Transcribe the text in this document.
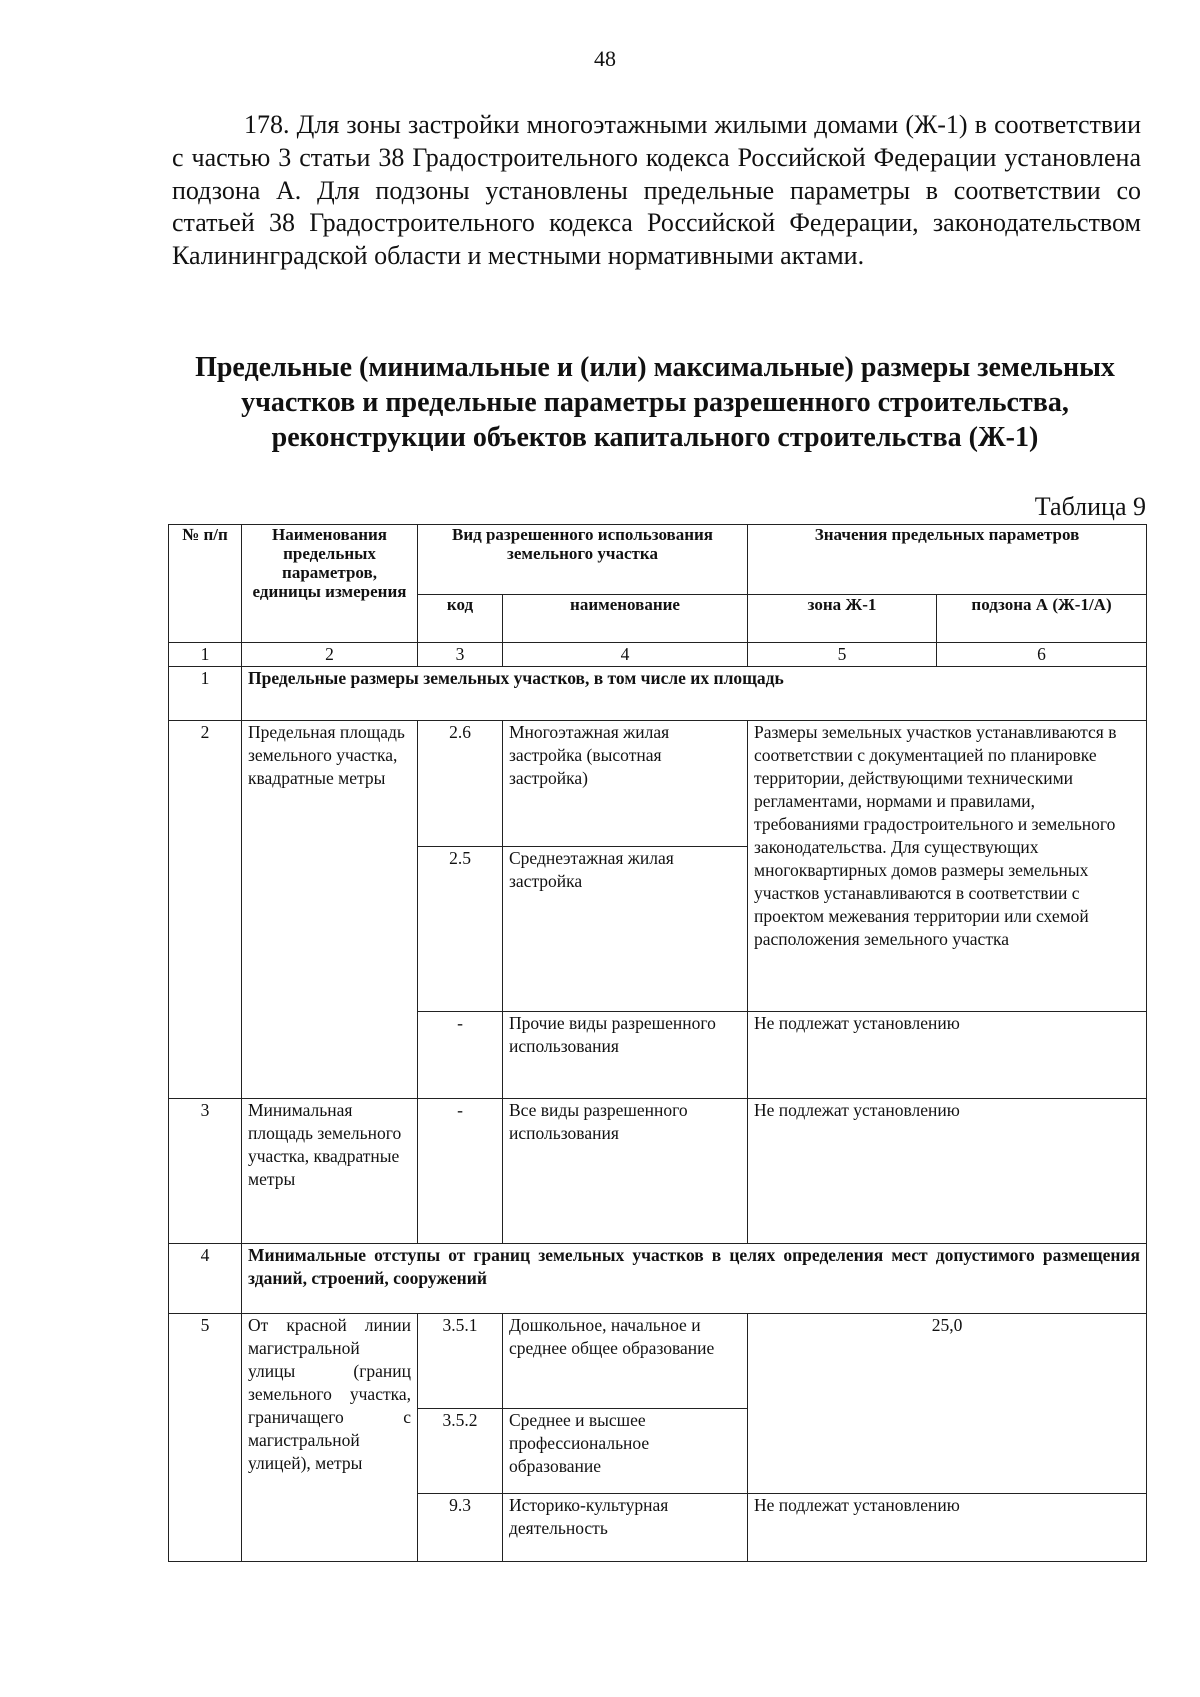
48
178. Для зоны застройки многоэтажными жилыми домами (Ж-1) в соответствии с частью 3 статьи 38 Градостроительного кодекса Российской Федерации установлена подзона А. Для подзоны установлены предельные параметры в соответствии со статьей 38 Градостроительного кодекса Российской Федерации, законодательством Калининградской области и местными нормативными актами.
Предельные (минимальные и (или) максимальные) размеры земельных
участков и предельные параметры разрешенного строительства,
реконструкции объектов капитального строительства (Ж-1)
Таблица 9
№ п/п	Наименования предельных параметров, единицы измерения	Вид разрешенного использования земельного участка		Значения предельных параметров	
		код	наименование	зона Ж-1	подзона А (Ж-1/А)
1	2	3	4	5	6
1	Предельные размеры земельных участков, в том числе их площадь				
2	Предельная площадь земельного участка, квадратные метры	2.6	Многоэтажная жилая застройка (высотная застройка)	Размеры земельных участков устанавливаются в соответствии с документацией по планировке территории, действующими техническими регламентами, нормами и правилами, требованиями градостроительного и земельного законодательства. Для существующих многоквартирных домов размеры земельных участков устанавливаются в соответствии с проектом межевания территории или схемой расположения земельного участка	
		2.5	Среднеэтажная жилая застройка		
		-	Прочие виды разрешенного использования	Не подлежат установлению	
3	Минимальная площадь земельного участка, квадратные метры	-	Все виды разрешенного использования	Не подлежат установлению	
4	Минимальные отступы от границ земельных участков в целях определения мест допустимого размещения зданий, строений, сооружений				
5	От красной линии магистральной улицы (границ земельного участка, граничащего с магистральной улицей), метры	3.5.1	Дошкольное, начальное и среднее общее образование	25,0	
		3.5.2	Среднее и высшее профессиональное образование		
		9.3	Историко-культурная деятельность	Не подлежат установлению	
